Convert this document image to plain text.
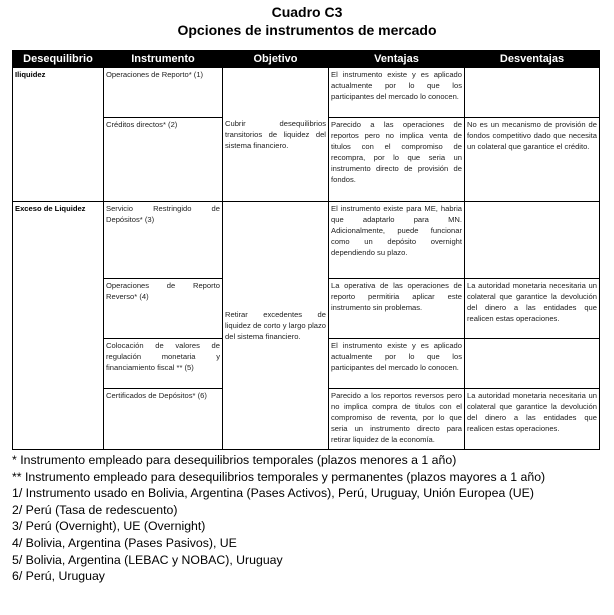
Cuadro C3
Opciones de instrumentos de mercado
Desequilibrio	Instrumento	Objetivo	Ventajas	Desventajas
Iliquidez	Operaciones de Reporto* (1)	Cubrir desequilibrios transitorios de liquidez del sistema financiero.	El instrumento existe y es aplicado actualmente por lo que los participantes del mercado lo conocen.	
	Créditos directos* (2)		Parecido a las operaciones de reportos pero no implica venta de titulos con el compromiso de recompra, por lo que seria un instrumento directo de provisión de fondos.	No es un mecanismo de provisión de fondos competitivo dado que necesita un colateral que garantice el crédito.
Exceso de Liquidez	Servicio Restringido de Depósitos* (3)	Retirar excedentes de liquidez de corto y largo plazo del sistema financiero.	El instrumento existe para ME, habria que adaptarlo para MN. Adicionalmente, puede funcionar como un depósito overnight dependiendo su plazo.	
	Operaciones de Reporto Reverso* (4)		La operativa de las operaciones de reporto permitiria aplicar este instrumento sin problemas.	La autoridad monetaria necesitaria un colateral que garantice la devolución del dinero a las entidades que realicen estas operaciones.
	Colocación de valores de regulación monetaria y financiamiento fiscal ** (5)		El instrumento existe y es aplicado actualmente por lo que los participantes del mercado lo conocen.	
	Certificados de Depósitos* (6)		Parecido a los reportos reversos pero no implica compra de titulos con el compromiso de reventa, por lo que seria un instrumento directo para retirar liquidez de la economía.	La autoridad monetaria necesitaria un colateral que garantice la devolución del dinero a las entidades que realicen estas operaciones.
* Instrumento empleado para desequilibrios temporales (plazos menores a 1 año)
** Instrumento empleado para desequilibrios temporales y permanentes (plazos mayores a 1 año)
1/ Instrumento usado en Bolivia, Argentina (Pases Activos), Perú, Uruguay, Unión Europea (UE)
2/ Perú (Tasa de redescuento)
3/ Perú (Overnight), UE (Overnight)
4/ Bolivia, Argentina (Pases Pasivos), UE
5/ Bolivia, Argentina (LEBAC y NOBAC), Uruguay
6/ Perú, Uruguay
